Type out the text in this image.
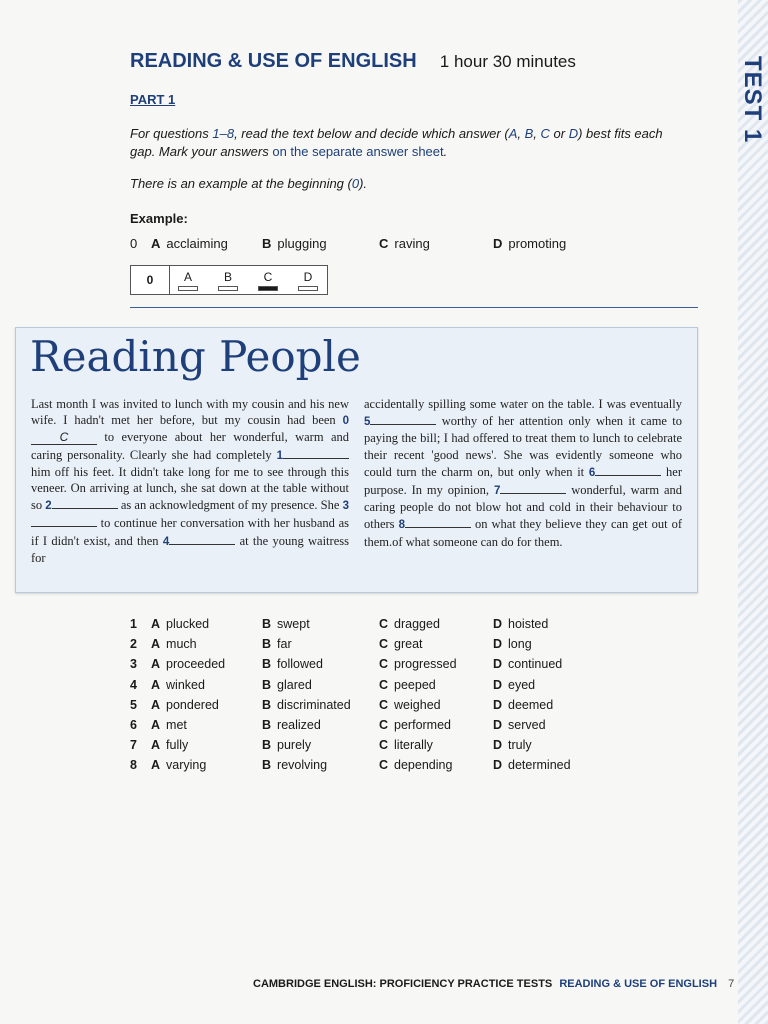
TEST 1
READING & USE OF ENGLISH 1 hour 30 minutes
PART 1
For questions 1–8, read the text below and decide which answer (A, B, C or D) best fits each gap. Mark your answers on the separate answer sheet.
There is an example at the beginning (0).
Example:
0 A acclaiming	B plugging	C raving	D promoting
0	A	B	C	D
Reading People
Last month I was invited to lunch with my cousin and his new wife. I hadn't met her before, but my cousin had been 0C to everyone about her wonderful, warm and caring personality. Clearly she had completely 1 him off his feet. It didn't take long for me to see through this veneer. On arriving at lunch, she sat down at the table without so 2	as an acknowledgment of my presence. She 3 to continue her conversation with her husband as if I didn't exist, and then 4	at the young waitress for
accidentally spilling some water on the table. I was eventually 5	worthy of her attention only when it came to paying the bill; I had offered to treat them to lunch to celebrate their recent 'good news'. She was evidently someone who could turn the charm on, but only when it 6	her purpose. In my opinion, 7	wonderful, warm and caring people do not blow hot and cold in their behaviour to others 8	on what they believe they can get out of them.of what someone can do for them.
1 A plucked	B swept	C dragged	D hoisted
2 A much	B far	C great	D long
3 A proceeded	B followed	C progressed	D continued
4 A winked	B glared	C peeped	D eyed
5 A pondered	B discriminated C weighed	D deemed
6 A met	B realized	C performed	D served
7 A fully	B purely	C literally	D truly
8 A varying	B revolving	C depending	D determined
CAMBRIDGE ENGLISH: PROFICIENCY PRACTICE TESTS READING & USE OF ENGLISH 7
